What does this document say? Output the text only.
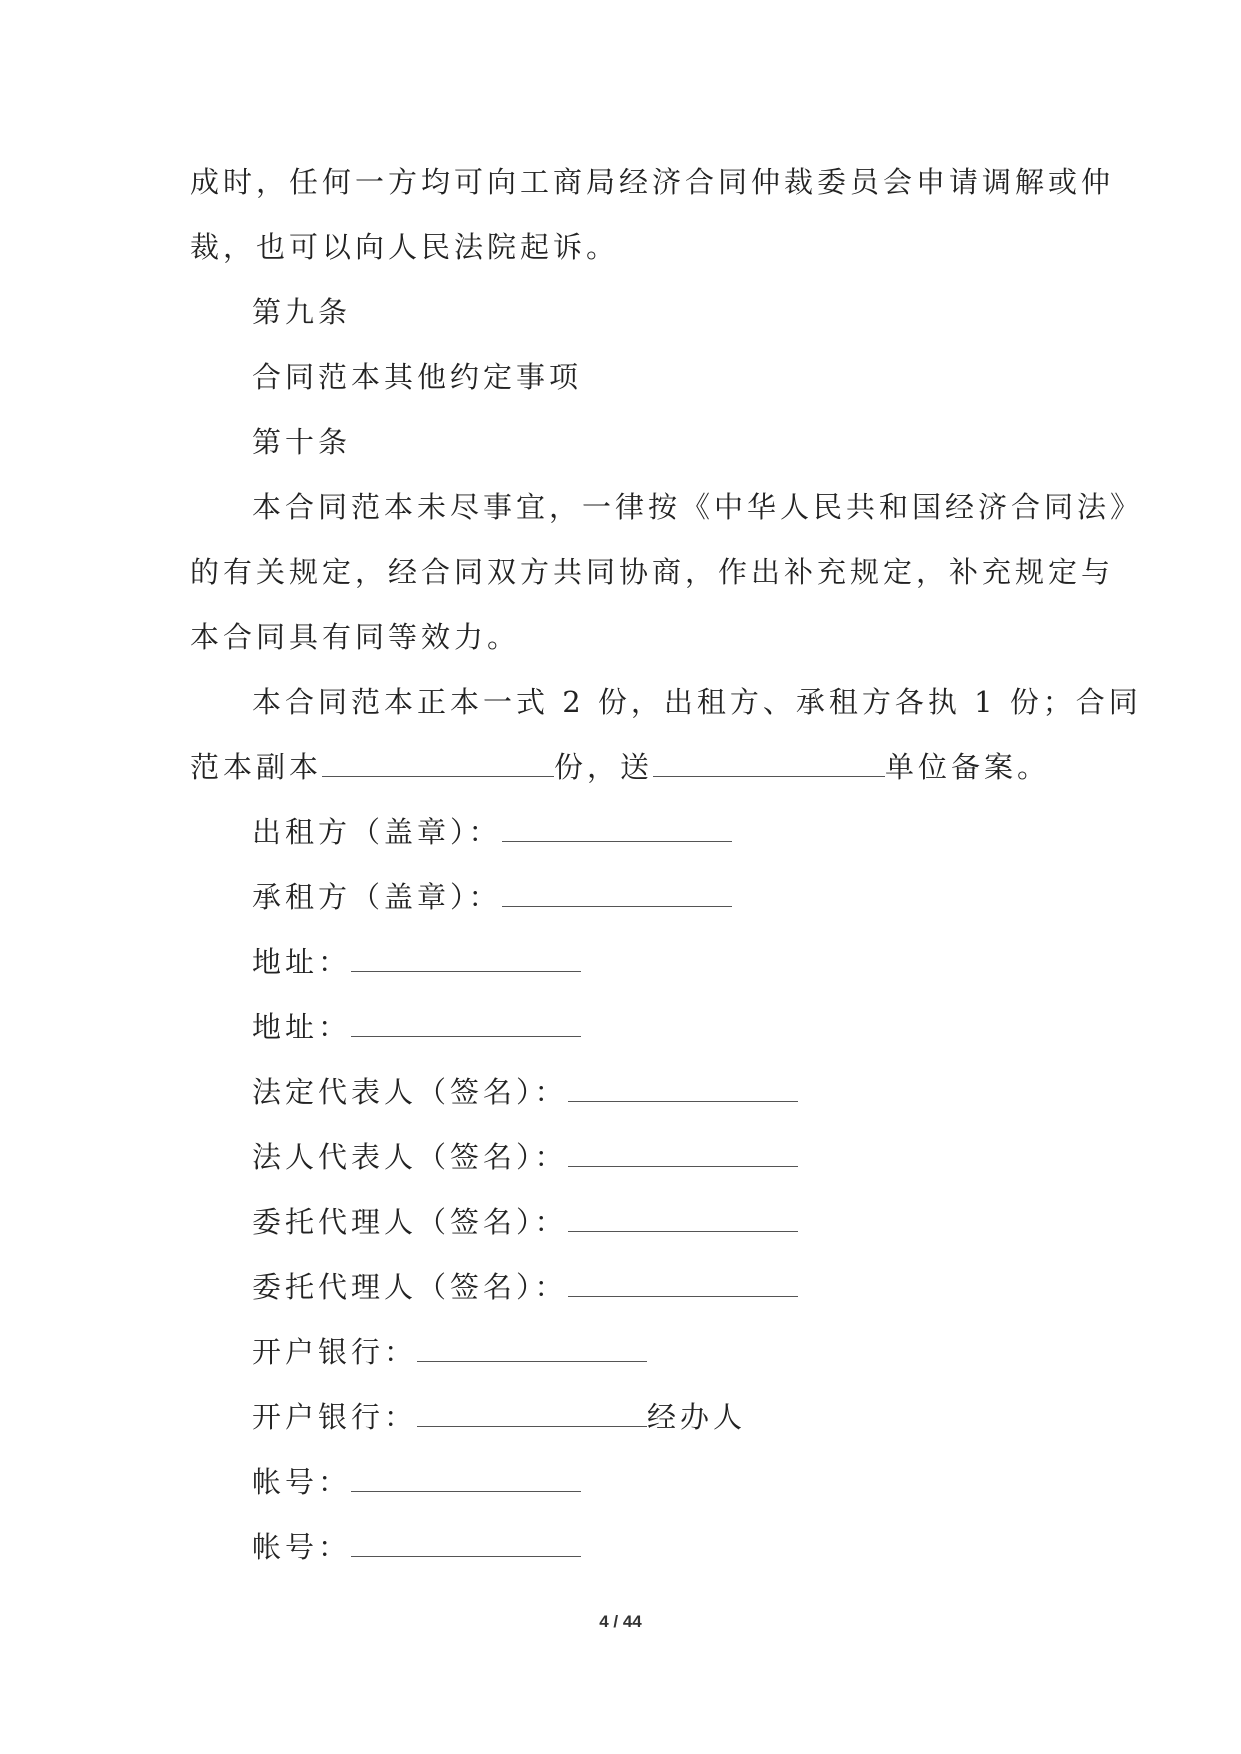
成时，任何一方均可向工商局经济合同仲裁委员会申请调解或仲
裁，也可以向人民法院起诉。
第九条
合同范本其他约定事项
第十条
本合同范本未尽事宜，一律按《中华人民共和国经济合同法》
的有关规定，经合同双方共同协商，作出补充规定，补充规定与
本合同具有同等效力。
本合同范本正本一式 2 份，出租方、承租方各执 1 份；合同
范本副本	份，送	单位备案。
出租方（盖章）：
承租方（盖章）：
地址：
地址：
法定代表人（签名）：
法人代表人（签名）：
委托代理人（签名）：
委托代理人（签名）：
开户银行：
开户银行：	经办人
帐号：
帐号：
4 / 44
